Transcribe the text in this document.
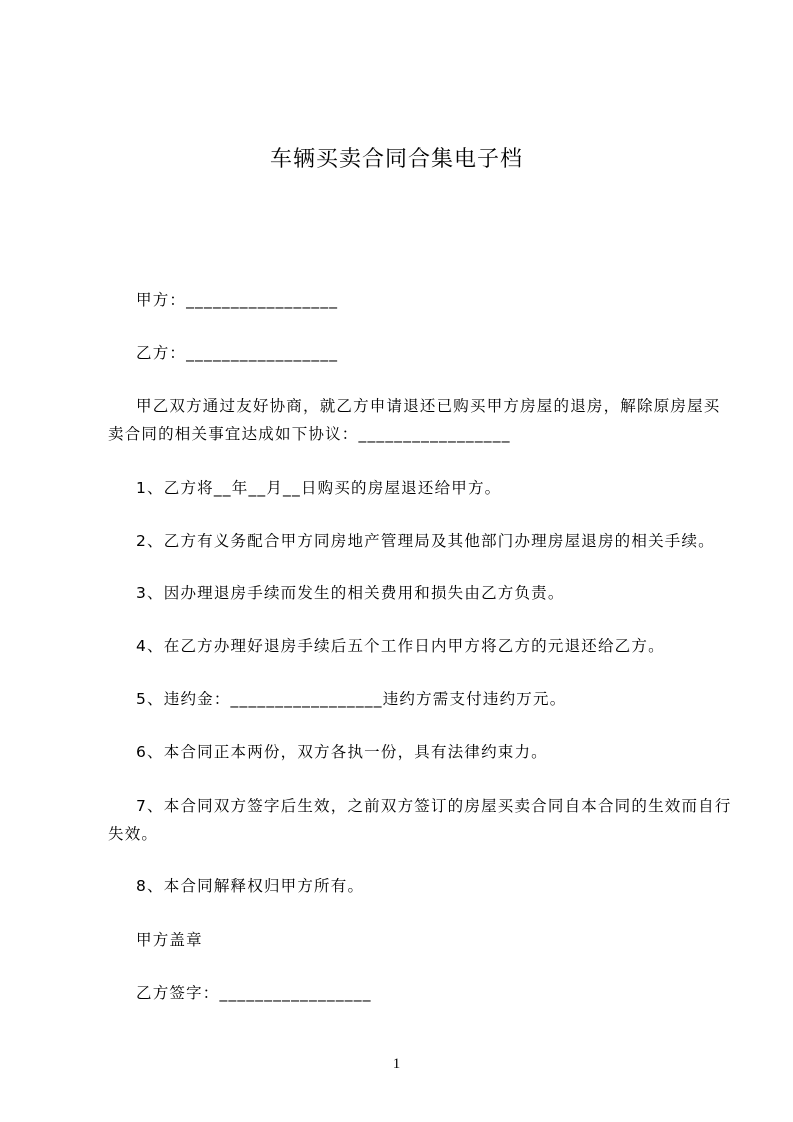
车辆买卖合同合集电子档
甲方：_________________
乙方：_________________
甲乙双方通过友好协商，就乙方申请退还已购买甲方房屋的退房，解除原房屋买
卖合同的相关事宜达成如下协议：_________________
1、乙方将__年__月__日购买的房屋退还给甲方。
2、乙方有义务配合甲方同房地产管理局及其他部门办理房屋退房的相关手续。
3、因办理退房手续而发生的相关费用和损失由乙方负责。
4、在乙方办理好退房手续后五个工作日内甲方将乙方的元退还给乙方。
5、违约金：_________________违约方需支付违约万元。
6、本合同正本两份，双方各执一份，具有法律约束力。
7、本合同双方签字后生效，之前双方签订的房屋买卖合同自本合同的生效而自行
失效。
8、本合同解释权归甲方所有。
甲方盖章
乙方签字：_________________
1
